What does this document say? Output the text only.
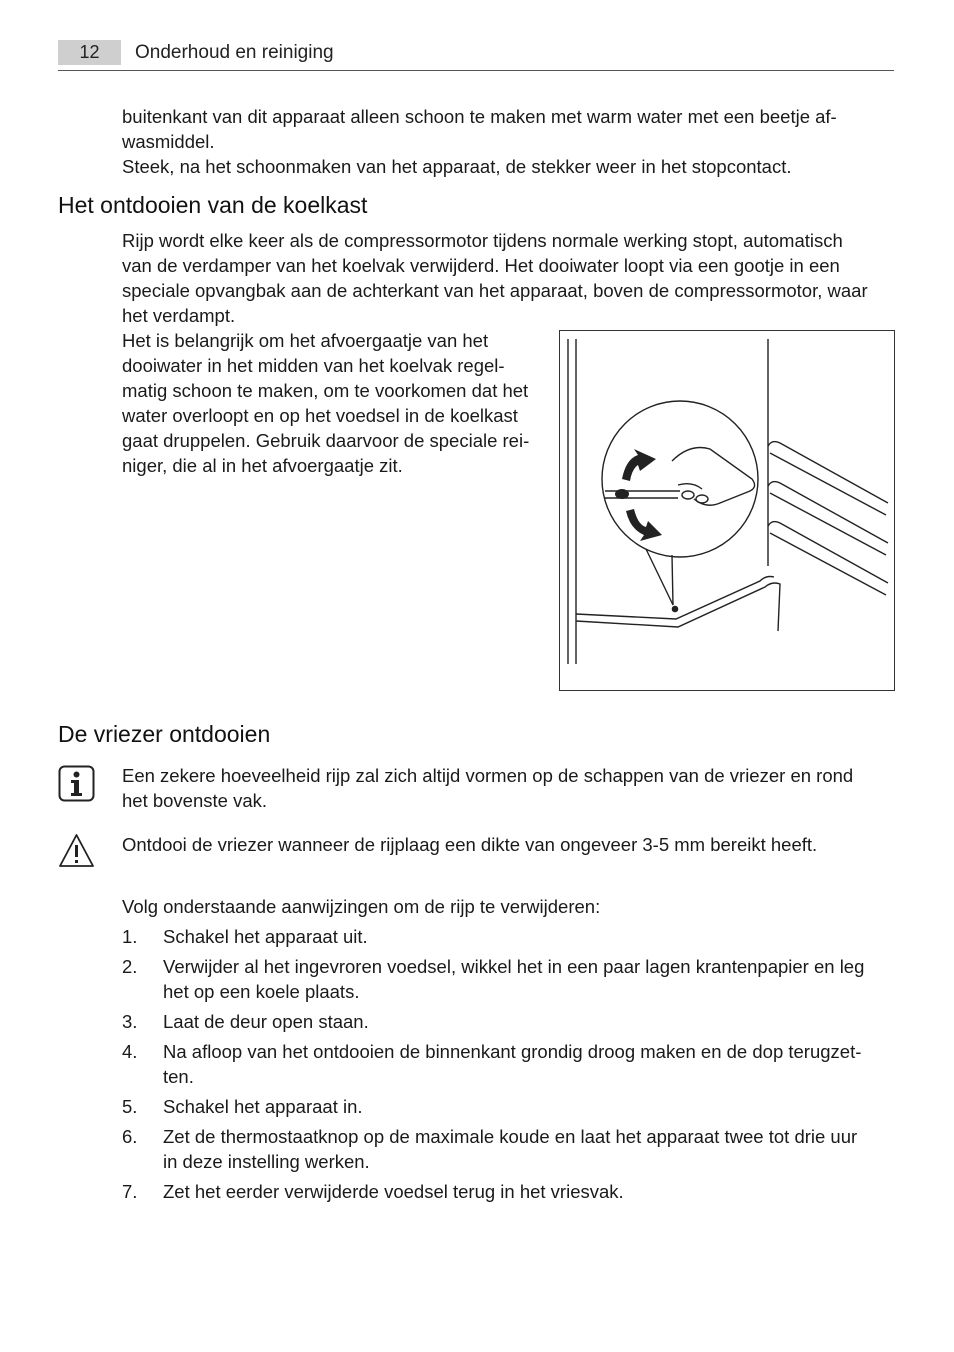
12	Onderhoud en reiniging

buitenkant van dit apparaat alleen schoon te maken met warm water met een beetje af-

wasmiddel.

Steek, na het schoonmaken van het apparaat, de stekker weer in het stopcontact.

Het ontdooien van de koelkast

Rijp wordt elke keer als de compressormotor tijdens normale werking stopt, automatisch

van de verdamper van het koelvak verwijderd. Het dooiwater loopt via een gootje in een

speciale opvangbak aan de achterkant van het apparaat, boven de compressormotor, waar

het verdampt.

Het is belangrijk om het afvoergaatje van het

dooiwater in het midden van het koelvak regel-

matig schoon te maken, om te voorkomen dat het

water overloopt en op het voedsel in de koelkast

gaat druppelen. Gebruik daarvoor de speciale rei-

niger, die al in het afvoergaatje zit.

De vriezer ontdooien

Een zekere hoeveelheid rijp zal zich altijd vormen op de schappen van de vriezer en rond

het bovenste vak.

Ontdooi de vriezer wanneer de rijplaag een dikte van ongeveer 3-5 mm bereikt heeft.

Volg onderstaande aanwijzingen om de rijp te verwijderen:

1.	Schakel het apparaat uit.
2.	Verwijder al het ingevroren voedsel, wikkel het in een paar lagen krantenpapier en leg
het op een koele plaats.
3.	Laat de deur open staan.
4.	Na afloop van het ontdooien de binnenkant grondig droog maken en de dop terugzet-
ten.
5.	Schakel het apparaat in.
6.	Zet de thermostaatknop op de maximale koude en laat het apparaat twee tot drie uur
in deze instelling werken.
7.	Zet het eerder verwijderde voedsel terug in het vriesvak.
